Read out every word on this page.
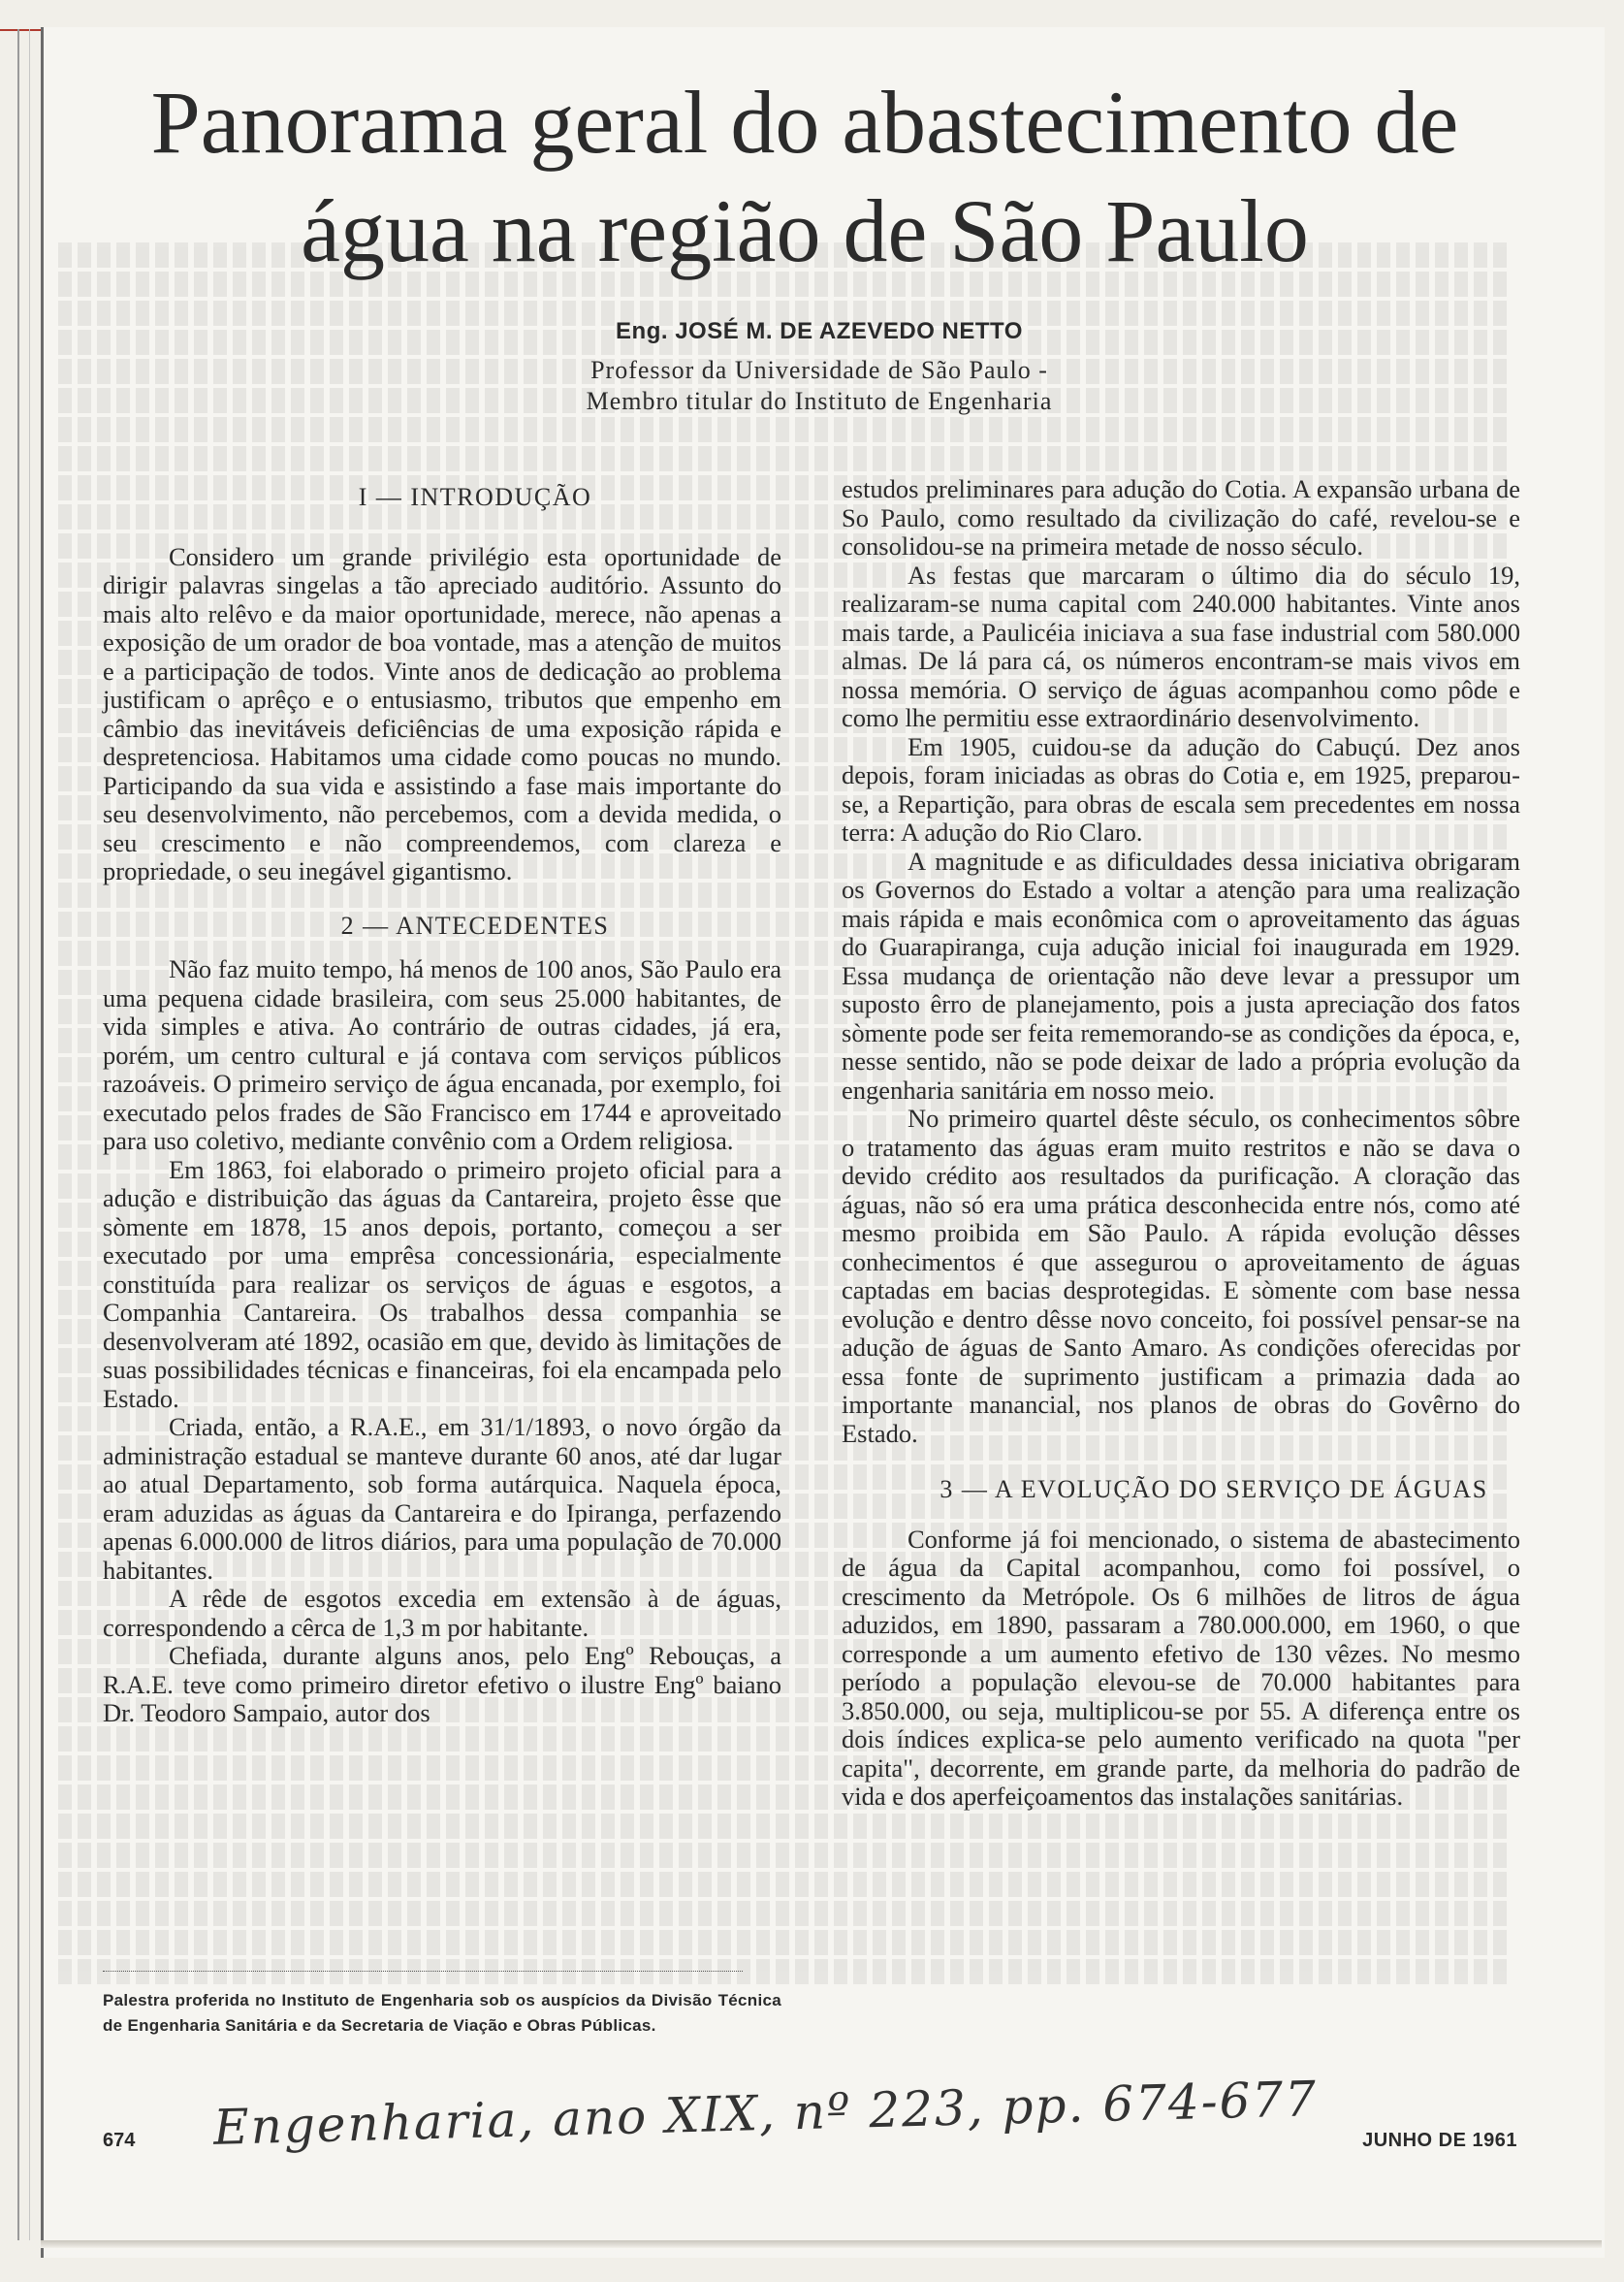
Panorama geral do abastecimento de
água na região de São Paulo
Eng. JOSÉ M. DE AZEVEDO NETTO
Professor da Universidade de São Paulo -
Membro titular do Instituto de Engenharia

I — INTRODUÇÃO

Considero um grande privilégio esta oportunidade de dirigir palavras singelas a tão apreciado auditório. Assunto do mais alto relêvo e da maior oportunidade, merece, não apenas a exposição de um orador de boa vontade, mas a atenção de muitos e a participação de todos. Vinte anos de dedicação ao problema justificam o aprêço e o entusiasmo, tributos que empenho em câmbio das inevitáveis deficiências de uma exposição rápida e despretenciosa. Habitamos uma cidade como poucas no mundo. Participando da sua vida e assistindo a fase mais importante do seu desenvolvimento, não percebemos, com a devida medida, o seu crescimento e não compreendemos, com clareza e propriedade, o seu inegável gigantismo.

2 — ANTECEDENTES

Não faz muito tempo, há menos de 100 anos, São Paulo era uma pequena cidade brasileira, com seus 25.000 habitantes, de vida simples e ativa. Ao contrário de outras cidades, já era, porém, um centro cultural e já contava com serviços públicos razoáveis. O primeiro serviço de água encanada, por exemplo, foi executado pelos frades de São Francisco em 1744 e aproveitado para uso coletivo, mediante convênio com a Ordem religiosa.

Em 1863, foi elaborado o primeiro projeto oficial para a adução e distribuição das águas da Cantareira, projeto êsse que sòmente em 1878, 15 anos depois, portanto, começou a ser executado por uma emprêsa concessionária, especialmente constituída para realizar os serviços de águas e esgotos, a Companhia Cantareira. Os trabalhos dessa companhia se desenvolveram até 1892, ocasião em que, devido às limitações de suas possibilidades técnicas e financeiras, foi ela encampada pelo Estado.

Criada, então, a R.A.E., em 31/1/1893, o novo órgão da administração estadual se manteve durante 60 anos, até dar lugar ao atual Departamento, sob forma autárquica. Naquela época, eram aduzidas as águas da Cantareira e do Ipiranga, perfazendo apenas 6.000.000 de litros diários, para uma população de 70.000 habitantes.

A rêde de esgotos excedia em extensão à de águas, correspondendo a cêrca de 1,3 m por habitante.

Chefiada, durante alguns anos, pelo Engº Rebouças, a R.A.E. teve como primeiro diretor efetivo o ilustre Engº baiano Dr. Teodoro Sampaio, autor dos

estudos preliminares para adução do Cotia. A expansão urbana de So Paulo, como resultado da civilização do café, revelou-se e consolidou-se na primeira metade de nosso século.

As festas que marcaram o último dia do século 19, realizaram-se numa capital com 240.000 habitantes. Vinte anos mais tarde, a Paulicéia iniciava a sua fase industrial com 580.000 almas. De lá para cá, os números encontram-se mais vivos em nossa memória. O serviço de águas acompanhou como pôde e como lhe permitiu esse extraordinário desenvolvimento.

Em 1905, cuidou-se da adução do Cabuçú. Dez anos depois, foram iniciadas as obras do Cotia e, em 1925, preparou-se, a Repartição, para obras de escala sem precedentes em nossa terra: A adução do Rio Claro.

A magnitude e as dificuldades dessa iniciativa obrigaram os Governos do Estado a voltar a atenção para uma realização mais rápida e mais econômica com o aproveitamento das águas do Guarapiranga, cuja adução inicial foi inaugurada em 1929. Essa mudança de orientação não deve levar a pressupor um suposto êrro de planejamento, pois a justa apreciação dos fatos sòmente pode ser feita rememorando-se as condições da época, e, nesse sentido, não se pode deixar de lado a própria evolução da engenharia sanitária em nosso meio.

No primeiro quartel dêste século, os conhecimentos sôbre o tratamento das águas eram muito restritos e não se dava o devido crédito aos resultados da purificação. A cloração das águas, não só era uma prática desconhecida entre nós, como até mesmo proibida em São Paulo. A rápida evolução dêsses conhecimentos é que assegurou o aproveitamento de águas captadas em bacias desprotegidas. E sòmente com base nessa evolução e dentro dêsse novo conceito, foi possível pensar-se na adução de águas de Santo Amaro. As condições oferecidas por essa fonte de suprimento justificam a primazia dada ao importante manancial, nos planos de obras do Govêrno do Estado.

3 — A EVOLUÇÃO DO SERVIÇO DE ÁGUAS

Conforme já foi mencionado, o sistema de abastecimento de água da Capital acompanhou, como foi possível, o crescimento da Metrópole. Os 6 milhões de litros de água aduzidos, em 1890, passaram a 780.000.000, em 1960, o que corresponde a um aumento efetivo de 130 vêzes. No mesmo período a população elevou-se de 70.000 habitantes para 3.850.000, ou seja, multiplicou-se por 55. A diferença entre os dois índices explica-se pelo aumento verificado na quota "per capita", decorrente, em grande parte, da melhoria do padrão de vida e dos aperfeiçoamentos das instalações sanitárias.

Palestra proferida no Instituto de Engenharia sob os auspícios da Divisão Técnica de Engenharia Sanitária e da Secretaria de Viação e Obras Públicas.
674 Engenharia, ano XIX, nº 223, pp. 674-677 JUNHO DE 1961
